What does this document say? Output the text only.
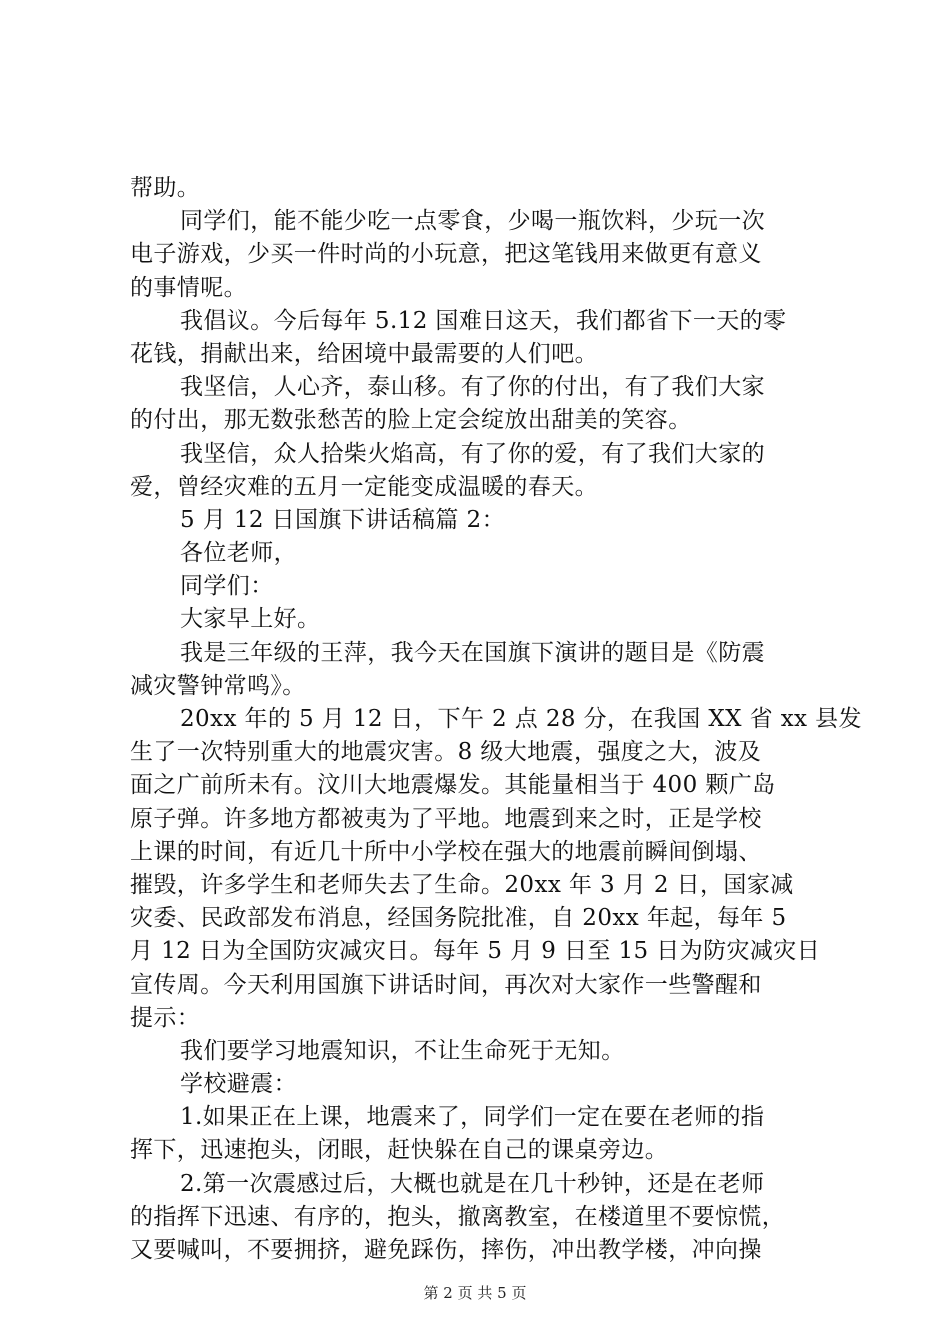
帮助。
同学们，能不能少吃一点零食，少喝一瓶饮料，少玩一次
电子游戏，少买一件时尚的小玩意，把这笔钱用来做更有意义
的事情呢。
我倡议。今后每年 5.12 国难日这天，我们都省下一天的零
花钱，捐献出来，给困境中最需要的人们吧。
我坚信，人心齐，泰山移。有了你的付出，有了我们大家
的付出，那无数张愁苦的脸上定会绽放出甜美的笑容。
我坚信，众人拾柴火焰高，有了你的爱，有了我们大家的
爱，曾经灾难的五月一定能变成温暖的春天。
5 月 12 日国旗下讲话稿篇 2：
各位老师，
同学们：
大家早上好。
我是三年级的王萍，我今天在国旗下演讲的题目是《防震
减灾警钟常鸣》。
20xx 年的 5 月 12 日，下午 2 点 28 分，在我国 XX 省 xx 县发
生了一次特别重大的地震灾害。8 级大地震，强度之大，波及
面之广前所未有。汶川大地震爆发。其能量相当于 400 颗广岛
原子弹。许多地方都被夷为了平地。地震到来之时，正是学校
上课的时间，有近几十所中小学校在强大的地震前瞬间倒塌、
摧毁，许多学生和老师失去了生命。20xx 年 3 月 2 日，国家减
灾委、民政部发布消息，经国务院批准，自 20xx 年起，每年 5
月 12 日为全国防灾减灾日。每年 5 月 9 日至 15 日为防灾减灾日
宣传周。今天利用国旗下讲话时间，再次对大家作一些警醒和
提示：
我们要学习地震知识，不让生命死于无知。
学校避震：
1.如果正在上课，地震来了，同学们一定在要在老师的指
挥下，迅速抱头，闭眼，赶快躲在自己的课桌旁边。
2.第一次震感过后，大概也就是在几十秒钟，还是在老师
的指挥下迅速、有序的，抱头，撤离教室，在楼道里不要惊慌，
又要喊叫，不要拥挤，避免踩伤，摔伤，冲出教学楼，冲向操
第 2 页 共 5 页
